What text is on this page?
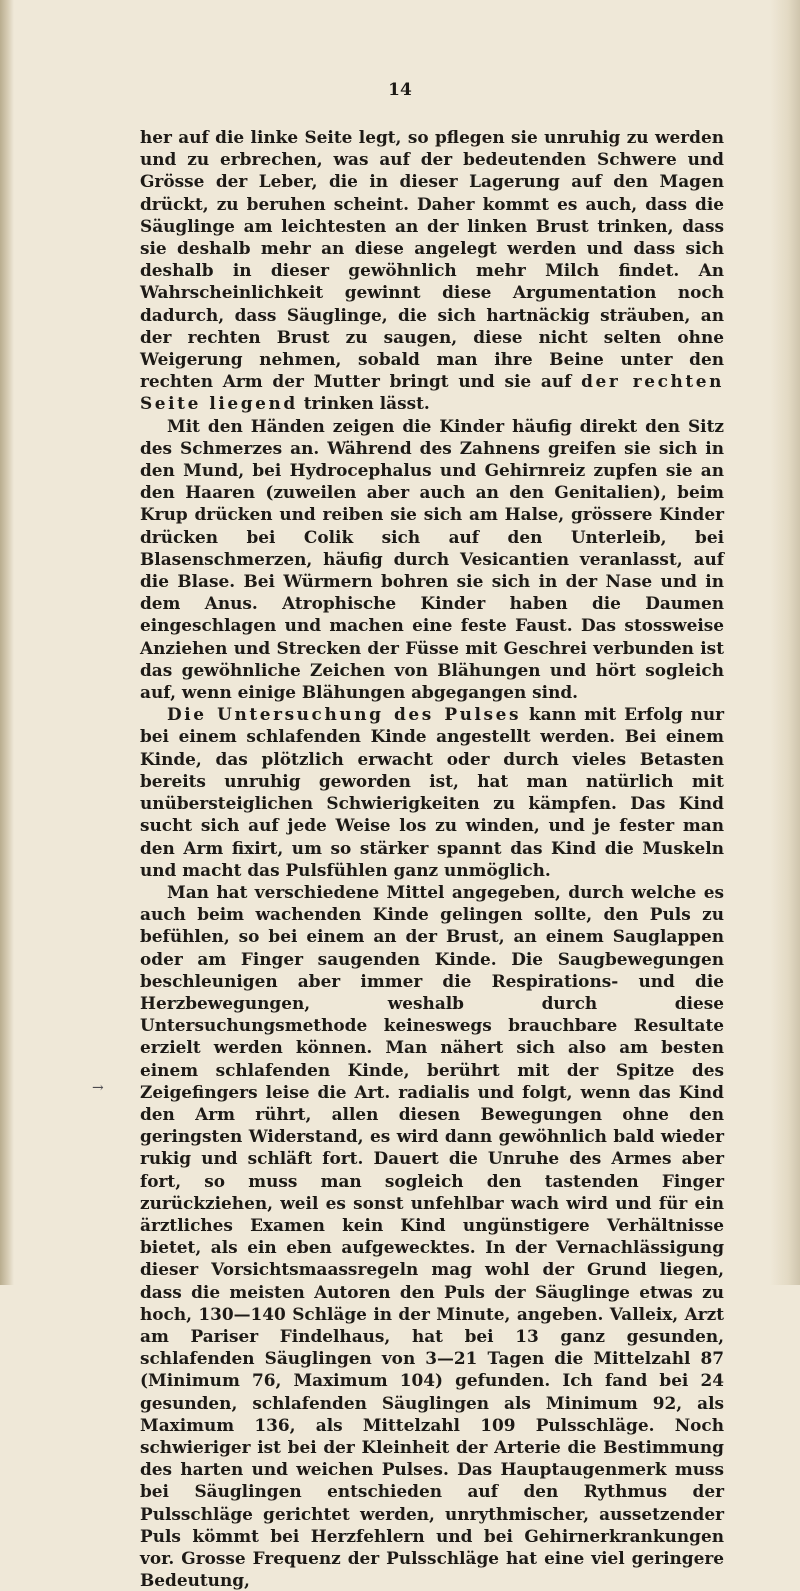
14
→

her auf die linke Seite legt, so pflegen sie unruhig zu werden und zu erbrechen, was auf der bedeutenden Schwere und Grösse der Leber, die in dieser Lagerung auf den Magen drückt, zu beruhen scheint. Daher kommt es auch, dass die Säuglinge am leichtesten an der linken Brust trinken, dass sie deshalb mehr an diese angelegt werden und dass sich deshalb in dieser gewöhnlich mehr Milch findet. An Wahrscheinlichkeit gewinnt diese Argumentation noch dadurch, dass Säuglinge, die sich hartnäckig sträuben, an der rechten Brust zu saugen, diese nicht selten ohne Weigerung nehmen, sobald man ihre Beine unter den rechten Arm der Mutter bringt und sie auf der rechten Seite liegend trinken lässt.

Mit den Händen zeigen die Kinder häufig direkt den Sitz des Schmerzes an. Während des Zahnens greifen sie sich in den Mund, bei Hydrocephalus und Gehirnreiz zupfen sie an den Haaren (zuweilen aber auch an den Genitalien), beim Krup drücken und reiben sie sich am Halse, grössere Kinder drücken bei Colik sich auf den Unterleib, bei Blasenschmerzen, häufig durch Vesicantien veranlasst, auf die Blase. Bei Würmern bohren sie sich in der Nase und in dem Anus. Atrophische Kinder haben die Daumen eingeschlagen und machen eine feste Faust. Das stossweise Anziehen und Strecken der Füsse mit Geschrei verbunden ist das gewöhnliche Zeichen von Blähungen und hört sogleich auf, wenn einige Blähungen abgegangen sind.

Die Untersuchung des Pulses kann mit Erfolg nur bei einem schlafenden Kinde angestellt werden. Bei einem Kinde, das plötzlich erwacht oder durch vieles Betasten bereits unruhig geworden ist, hat man natürlich mit unübersteiglichen Schwierigkeiten zu kämpfen. Das Kind sucht sich auf jede Weise los zu winden, und je fester man den Arm fixirt, um so stärker spannt das Kind die Muskeln und macht das Pulsfühlen ganz unmöglich.

Man hat verschiedene Mittel angegeben, durch welche es auch beim wachenden Kinde gelingen sollte, den Puls zu befühlen, so bei einem an der Brust, an einem Sauglappen oder am Finger saugenden Kinde. Die Saugbewegungen beschleunigen aber immer die Respirations- und die Herzbewegungen, weshalb durch diese Untersuchungsmethode keineswegs brauchbare Resultate erzielt werden können. Man nähert sich also am besten einem schlafenden Kinde, berührt mit der Spitze des Zeigefingers leise die Art. radialis und folgt, wenn das Kind den Arm rührt, allen diesen Bewegungen ohne den geringsten Widerstand, es wird dann gewöhnlich bald wieder rukig und schläft fort. Dauert die Unruhe des Armes aber fort, so muss man sogleich den tastenden Finger zurückziehen, weil es sonst unfehlbar wach wird und für ein ärztliches Examen kein Kind ungünstigere Verhältnisse bietet, als ein eben aufgewecktes. In der Vernachlässigung dieser Vorsichtsmaassregeln mag wohl der Grund liegen, dass die meisten Autoren den Puls der Säuglinge etwas zu hoch, 130—140 Schläge in der Minute, angeben. Valleix, Arzt am Pariser Findelhaus, hat bei 13 ganz gesunden, schlafenden Säuglingen von 3—21 Tagen die Mittelzahl 87 (Minimum 76, Maximum 104) gefunden. Ich fand bei 24 gesunden, schlafenden Säuglingen als Minimum 92, als Maximum 136, als Mittelzahl 109 Pulsschläge. Noch schwieriger ist bei der Kleinheit der Arterie die Bestimmung des harten und weichen Pulses. Das Hauptaugenmerk muss bei Säuglingen entschieden auf den Rythmus der Pulsschläge gerichtet werden, unrythmischer, aussetzender Puls kömmt bei Herzfehlern und bei Gehirnerkrankungen vor. Grosse Frequenz der Pulsschläge hat eine viel geringere Bedeutung,
